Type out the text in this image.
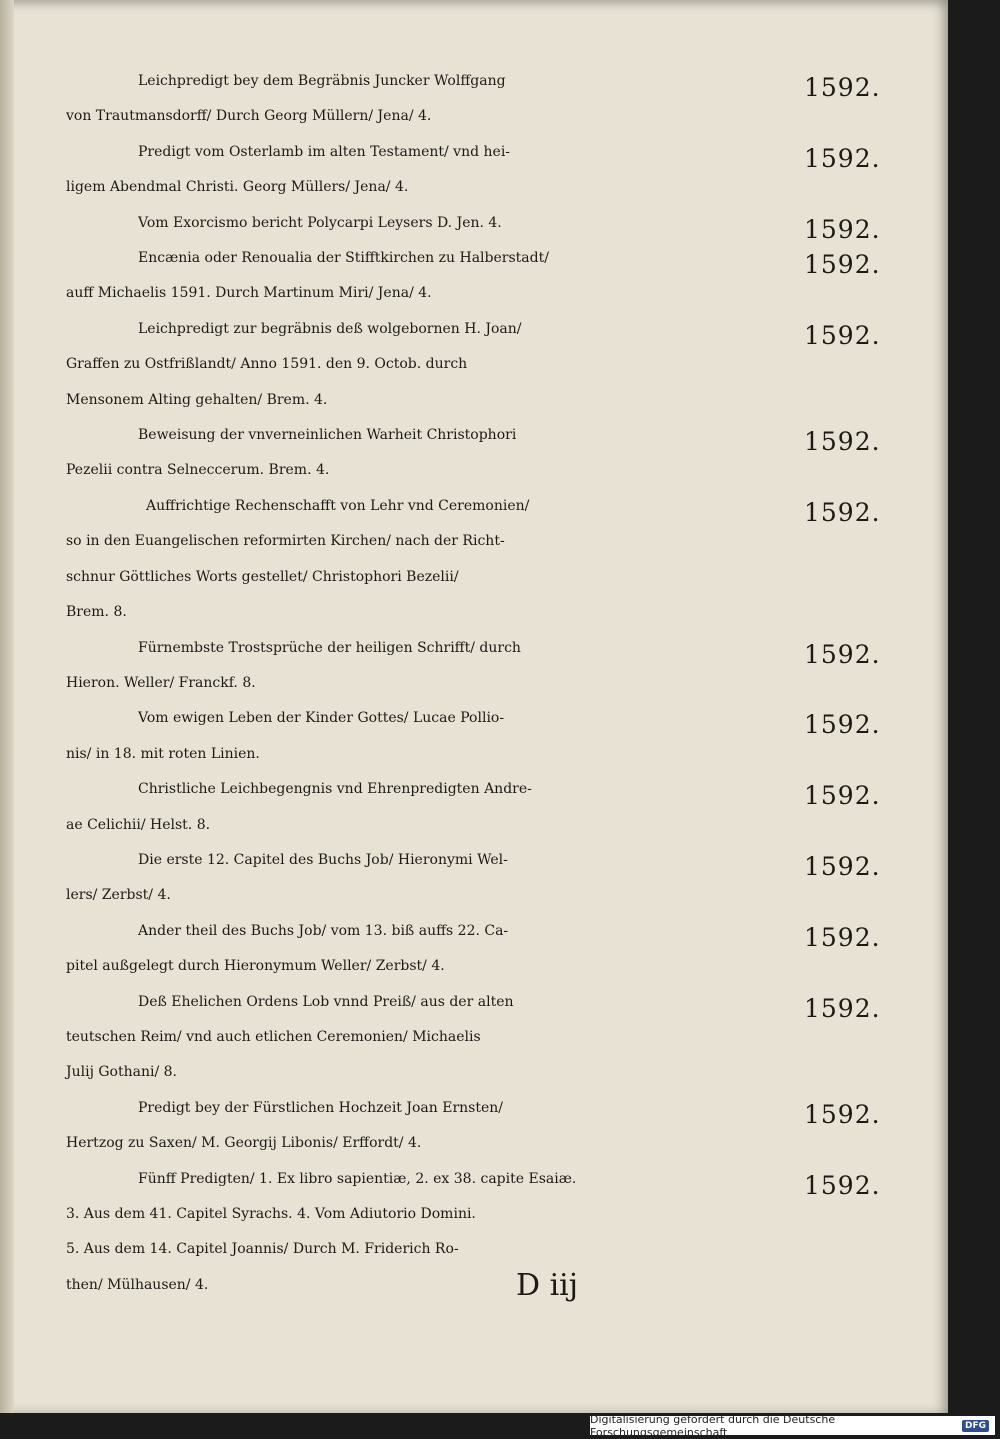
Leichpredigt bey dem Begräbnis Juncker Wolffgang
von Trautmansdorff/ Durch Georg Müllern/ Jena/ 4.
1592.
Predigt vom Osterlamb im alten Testament/ vnd hei-
ligem Abendmal Christi. Georg Müllers/ Jena/ 4.
1592.
Vom Exorcismo bericht Polycarpi Leysers D. Jen. 4.	1592.
Encænia oder Renoualia der Stifftkirchen zu Halberstadt/
auff Michaelis 1591. Durch Martinum Miri/ Jena/ 4.
1592.
Leichpredigt zur begräbnis deß wolgebornen H. Joan/
Graffen zu Ostfrißlandt/ Anno 1591. den 9. Octob. durch
Mensonem Alting gehalten/ Brem. 4.
1592.
Beweisung der vnverneinlichen Warheit Christophori
Pezelii contra Selneccerum. Brem. 4.
1592.
Auffrichtige Rechenschafft von Lehr vnd Ceremonien/
so in den Euangelischen reformirten Kirchen/ nach der Richt-
schnur Göttliches Worts gestellet/ Christophori Bezelii/
Brem. 8.
1592.
Fürnembste Trostsprüche der heiligen Schrifft/ durch
Hieron. Weller/ Franckf. 8.
1592.
Vom ewigen Leben der Kinder Gottes/ Lucae Pollio-
nis/ in 18. mit roten Linien.
1592.
Christliche Leichbegengnis vnd Ehrenpredigten Andre-
ae Celichii/ Helst. 8.
1592.
Die erste 12. Capitel des Buchs Job/ Hieronymi Wel-
lers/ Zerbst/ 4.
1592.
Ander theil des Buchs Job/ vom 13. biß auffs 22. Ca-
pitel außgelegt durch Hieronymum Weller/ Zerbst/ 4.
1592.
Deß Ehelichen Ordens Lob vnnd Preiß/ aus der alten
teutschen Reim/ vnd auch etlichen Ceremonien/ Michaelis
Julij Gothani/ 8.
1592.
Predigt bey der Fürstlichen Hochzeit Joan Ernsten/
Hertzog zu Saxen/ M. Georgij Libonis/ Erffordt/ 4.
1592.
Fünff Predigten/ 1. Ex libro sapientiæ, 2. ex 38. capite Esaiæ.
3. Aus dem 41. Capitel Syrachs. 4. Vom Adiutorio Domini.
5. Aus dem 14. Capitel Joannis/ Durch M. Friderich Ro-
then/ Mülhausen/ 4.
1592.
D iij
Digitalisierung gefördert durch die Deutsche Forschungsgemeinschaft	DFG
